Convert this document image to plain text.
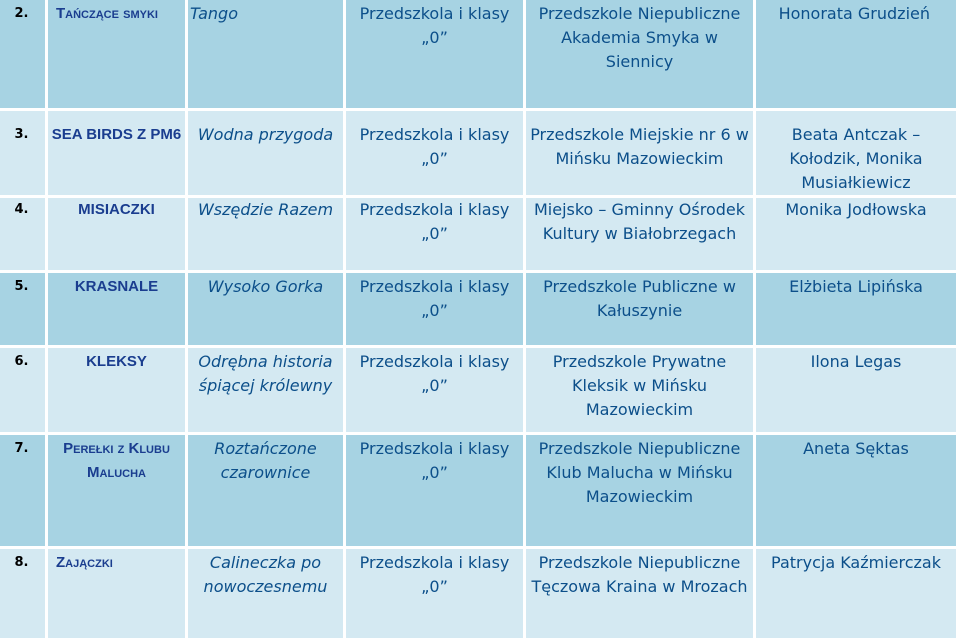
2.	Tańczące smyki	Tango	Przedszkola i klasy „0”	Przedszkole Niepubliczne Akademia Smyka w Siennicy	Honorata Grudzień
3.	SEA BIRDS Z PM6	Wodna przygoda	Przedszkola i klasy „0”	Przedszkole Miejskie nr 6 w Mińsku Mazowieckim	Beata Antczak – Kołodzik, Monika Musiałkiewicz
4.	MISIACZKI	Wszędzie Razem	Przedszkola i klasy „0”	Miejsko – Gminny Ośrodek Kultury w Białobrzegach	Monika Jodłowska
5.	KRASNALE	Wysoko Gorka	Przedszkola i klasy „0”	Przedszkole Publiczne w Kałuszynie	Elżbieta Lipińska
6.	KLEKSY	Odrębna historia śpiącej królewny	Przedszkola i klasy „0”	Przedszkole Prywatne Kleksik w Mińsku Mazowieckim	Ilona Legas
7.	Perełki z Klubu Malucha	Roztańczone czarownice	Przedszkola i klasy „0”	Przedszkole Niepubliczne Klub Malucha w Mińsku Mazowieckim	Aneta Sęktas
8.	Zajączki	Calineczka po nowoczesnemu	Przedszkola i klasy „0”	Przedszkole Niepubliczne Tęczowa Kraina w Mrozach	Patrycja Kaźmierczak
